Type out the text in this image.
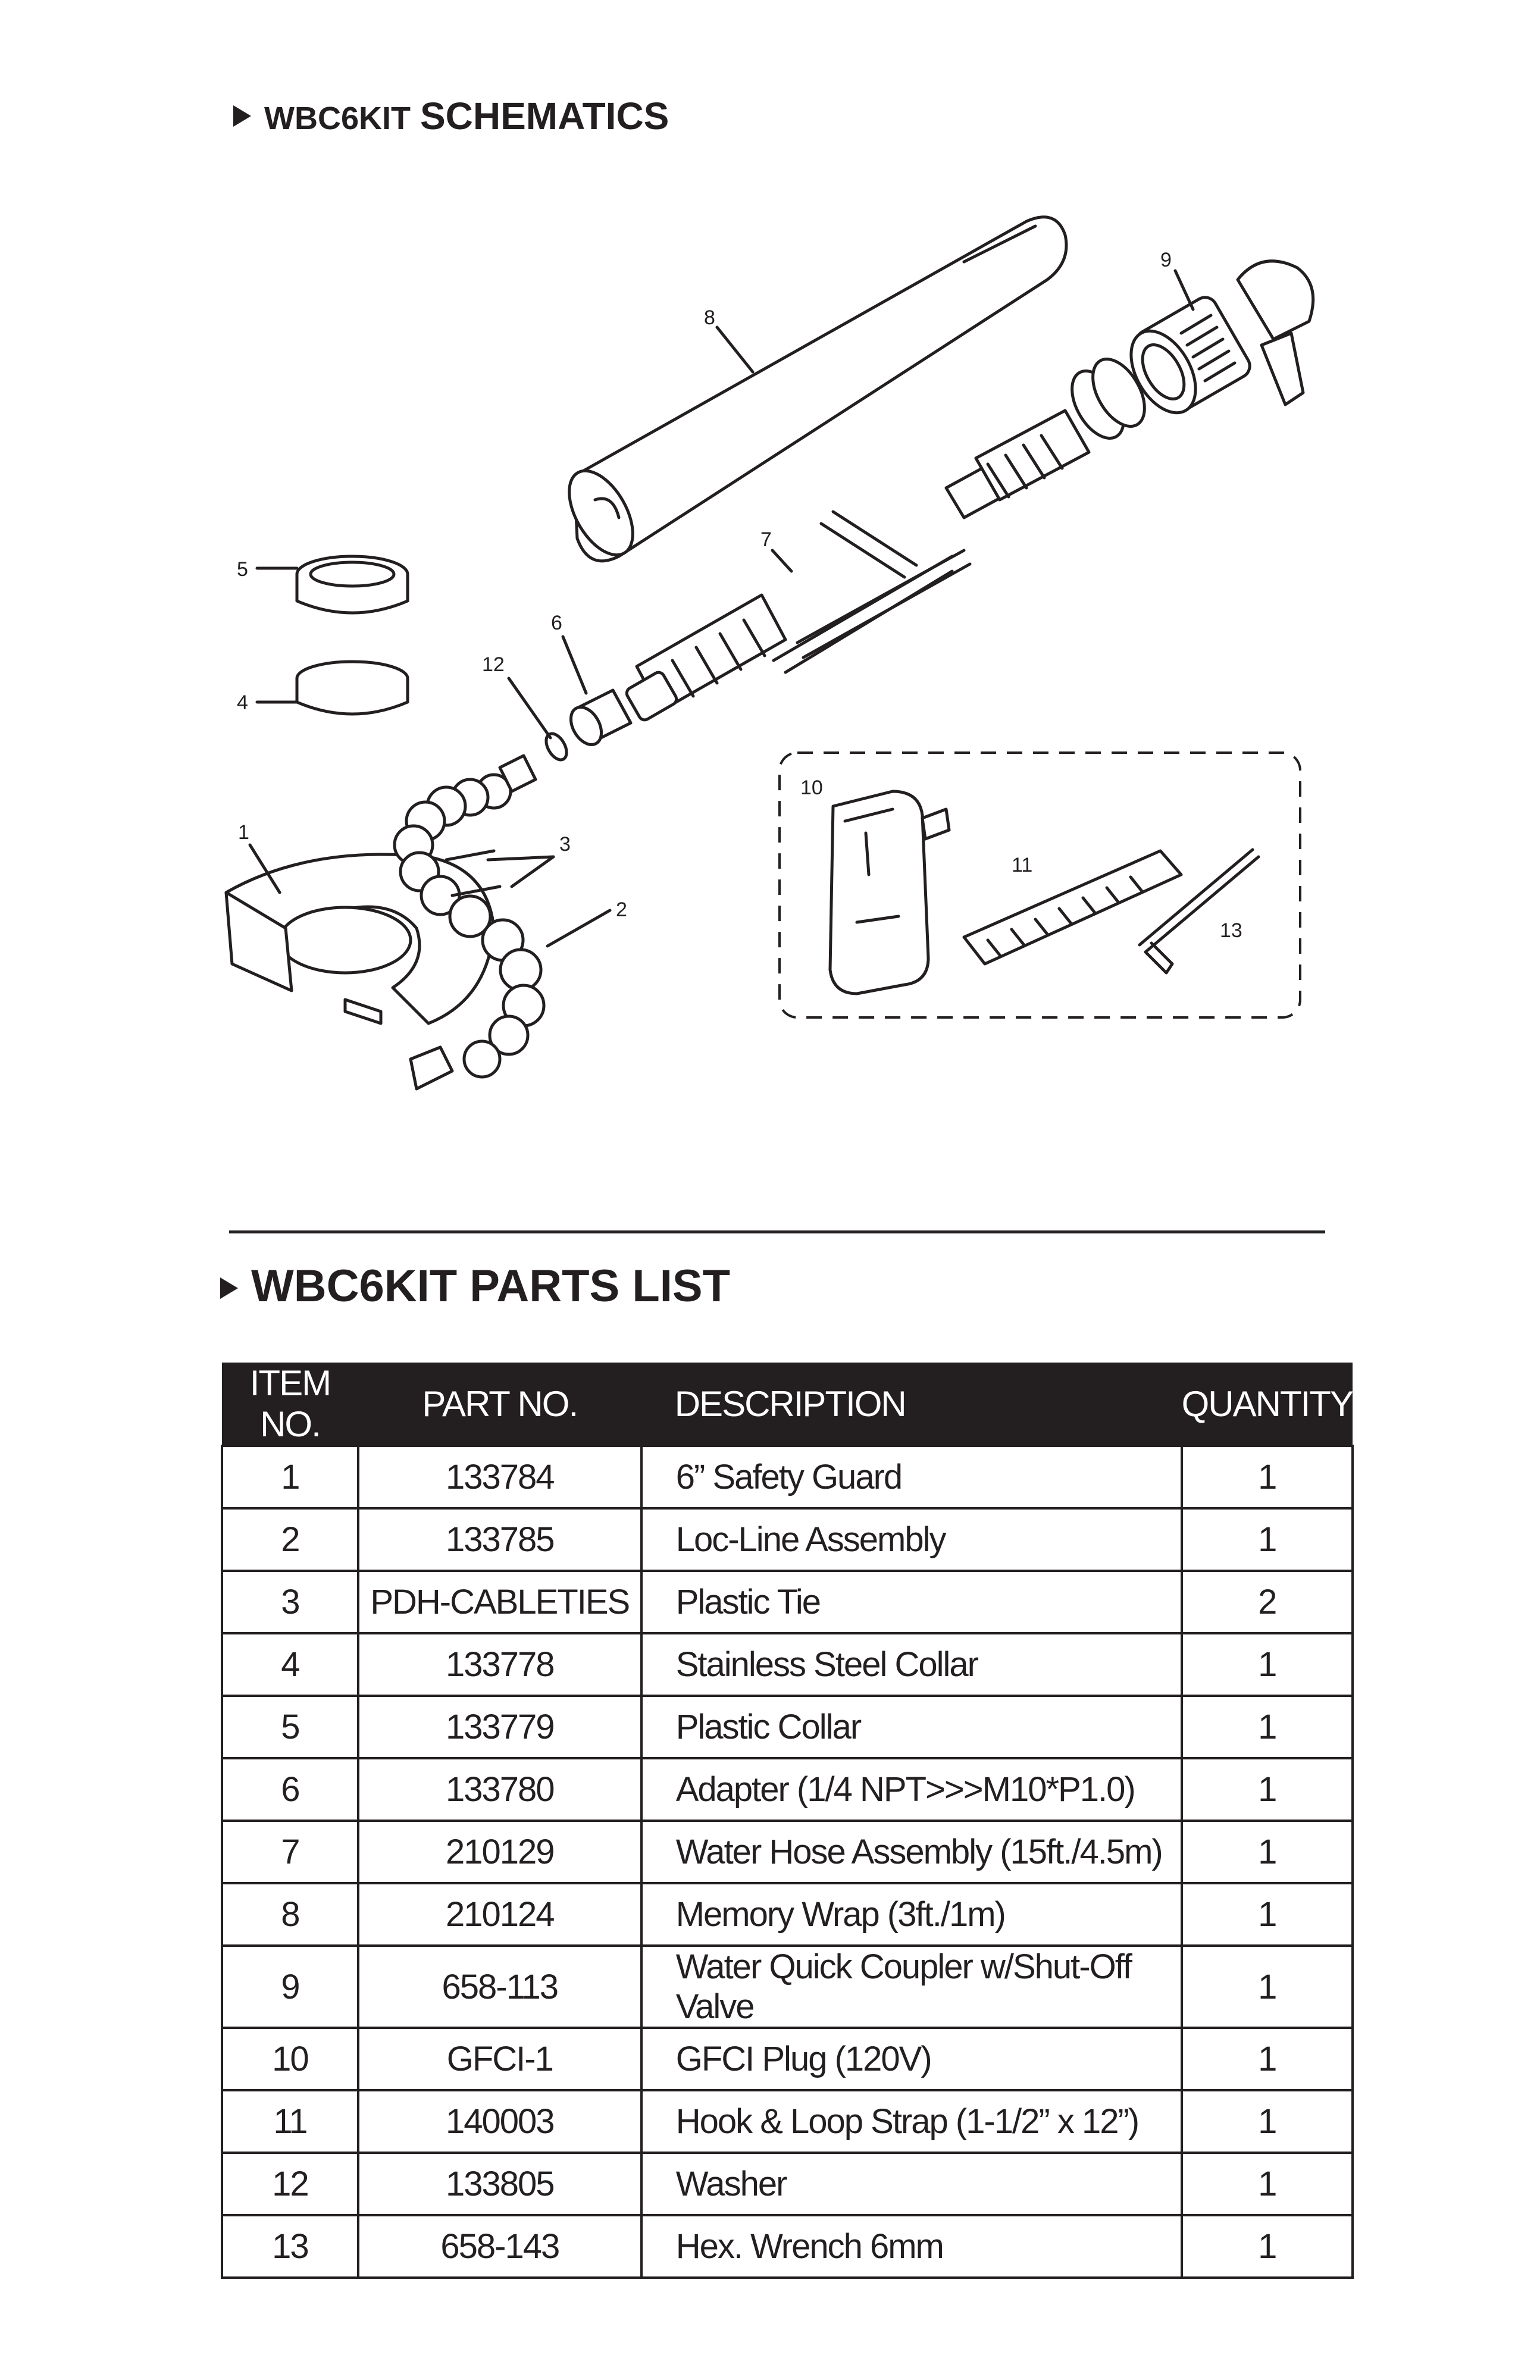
WBC6KIT SCHEMATICS
8
9
7
6
12
5
4
1
3
2
10
11
13
WBC6KIT PARTS LIST
ITEM NO.	PART NO.	DESCRIPTION	QUANTITY
1	133784	6” Safety Guard	1
2	133785	Loc-Line Assembly	1
3	PDH-CABLETIES	Plastic Tie	2
4	133778	Stainless Steel Collar	1
5	133779	Plastic Collar	1
6	133780	Adapter (1/4 NPT>>>M10*P1.0)	1
7	210129	Water Hose Assembly (15ft./4.5m)	1
8	210124	Memory Wrap (3ft./1m)	1
9	658-113	Water Quick Coupler w/Shut-Off Valve	1
10	GFCI-1	GFCI Plug (120V)	1
11	140003	Hook & Loop Strap (1-1/2” x 12”)	1
12	133805	Washer	1
13	658-143	Hex. Wrench 6mm	1
